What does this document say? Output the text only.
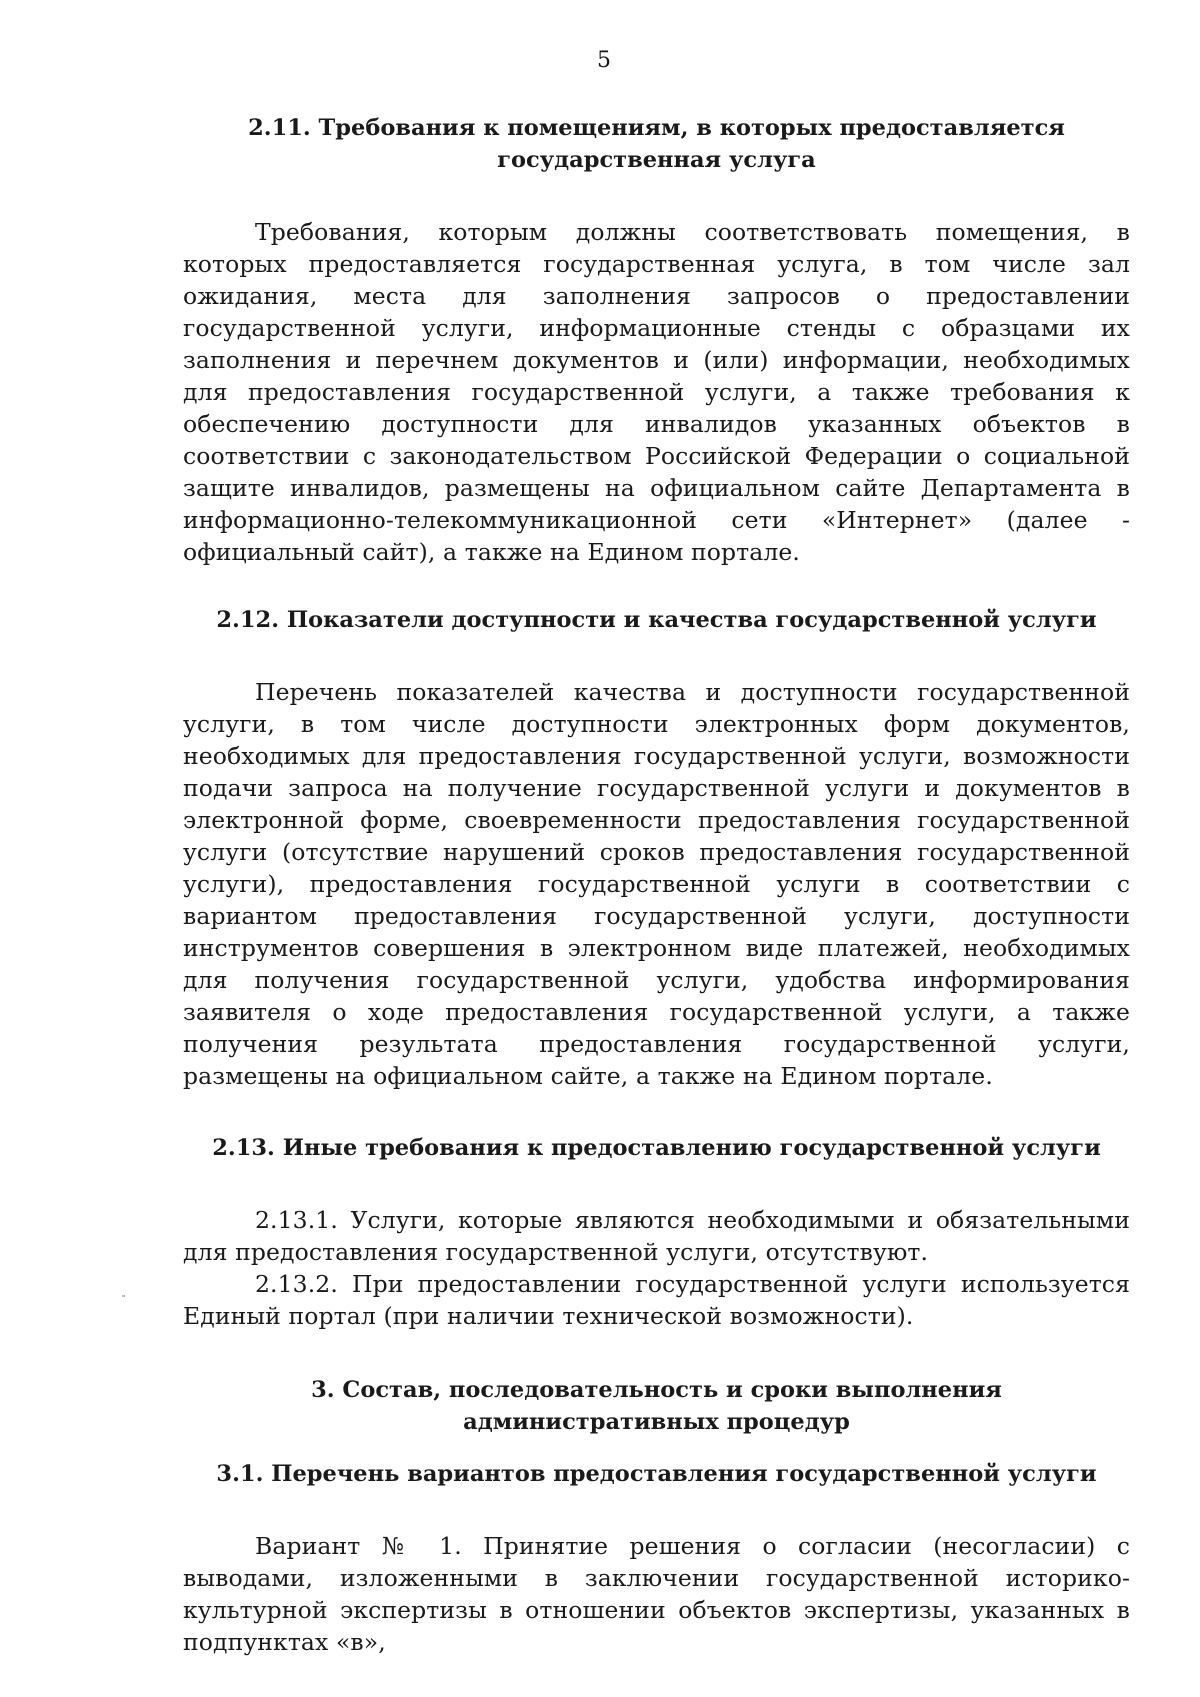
5

2.11. Требования к помещениям, в которых предоставляется государственная услуга

Требования, которым должны соответствовать помещения, в которых предоставляется государственная услуга, в том числе зал ожидания, места для заполнения запросов о предоставлении государственной услуги, информационные стенды с образцами их заполнения и перечнем документов и (или) информации, необходимых для предоставления государственной услуги, а также требования к обеспечению доступности для инвалидов указанных объектов в соответствии с законодательством Российской Федерации о социальной защите инвалидов, размещены на официальном сайте Департамента в информационно-телекоммуникационной сети «Интернет» (далее - официальный сайт), а также на Едином портале.

2.12. Показатели доступности и качества государственной услуги

Перечень показателей качества и доступности государственной услуги, в том числе доступности электронных форм документов, необходимых для предоставления государственной услуги, возможности подачи запроса на получение государственной услуги и документов в электронной форме, своевременности предоставления государственной услуги (отсутствие нарушений сроков предоставления государственной услуги), предоставления государственной услуги в соответствии с вариантом предоставления государственной услуги, доступности инструментов совершения в электронном виде платежей, необходимых для получения государственной услуги, удобства информирования заявителя о ходе предоставления государственной услуги, а также получения результата предоставления государственной услуги, размещены на официальном сайте, а также на Едином портале.

2.13. Иные требования к предоставлению государственной услуги

2.13.1. Услуги, которые являются необходимыми и обязательными для предоставления государственной услуги, отсутствуют.

2.13.2. При предоставлении государственной услуги используется Единый портал (при наличии технической возможности).

3. Состав, последовательность и сроки выполнения административных процедур

3.1. Перечень вариантов предоставления государственной услуги

Вариант № 1. Принятие решения о согласии (несогласии) с выводами, изложенными в заключении государственной историко-культурной экспертизы в отношении объектов экспертизы, указанных в подпунктах «в»,
